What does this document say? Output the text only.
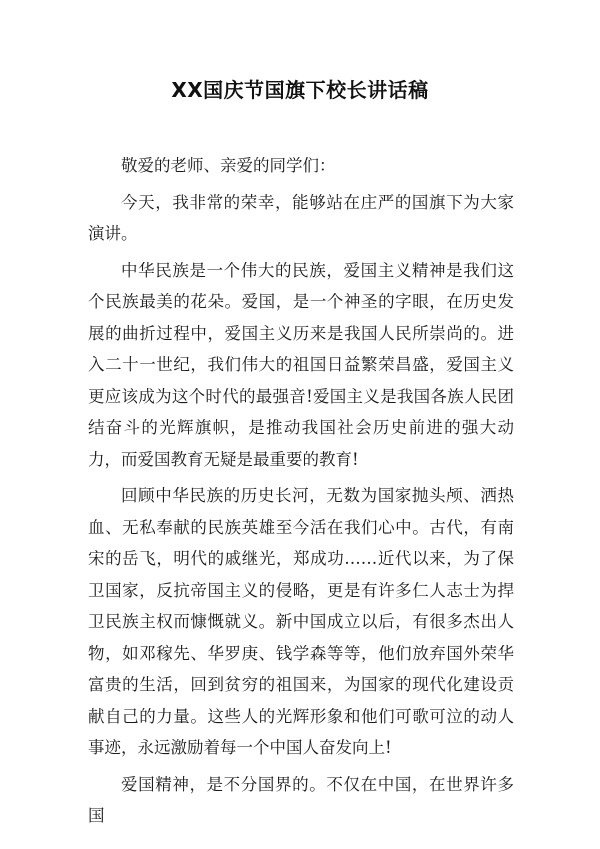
XX国庆节国旗下校长讲话稿

敬爱的老师、亲爱的同学们：

今天，我非常的荣幸，能够站在庄严的国旗下为大家演讲。

中华民族是一个伟大的民族，爱国主义精神是我们这个民族最美的花朵。爱国，是一个神圣的字眼，在历史发展的曲折过程中，爱国主义历来是我国人民所崇尚的。进入二十一世纪，我们伟大的祖国日益繁荣昌盛，爱国主义更应该成为这个时代的最强音!爱国主义是我国各族人民团结奋斗的光辉旗帜，是推动我国社会历史前进的强大动力，而爱国教育无疑是最重要的教育!

回顾中华民族的历史长河，无数为国家抛头颅、洒热血、无私奉献的民族英雄至今活在我们心中。古代，有南宋的岳飞，明代的戚继光，郑成功……近代以来，为了保卫国家，反抗帝国主义的侵略，更是有许多仁人志士为捍卫民族主权而慷慨就义。新中国成立以后，有很多杰出人物，如邓稼先、华罗庚、钱学森等等，他们放弃国外荣华富贵的生活，回到贫穷的祖国来，为国家的现代化建设贡献自己的力量。这些人的光辉形象和他们可歌可泣的动人事迹，永远激励着每一个中国人奋发向上!

爱国精神，是不分国界的。不仅在中国，在世界许多国
